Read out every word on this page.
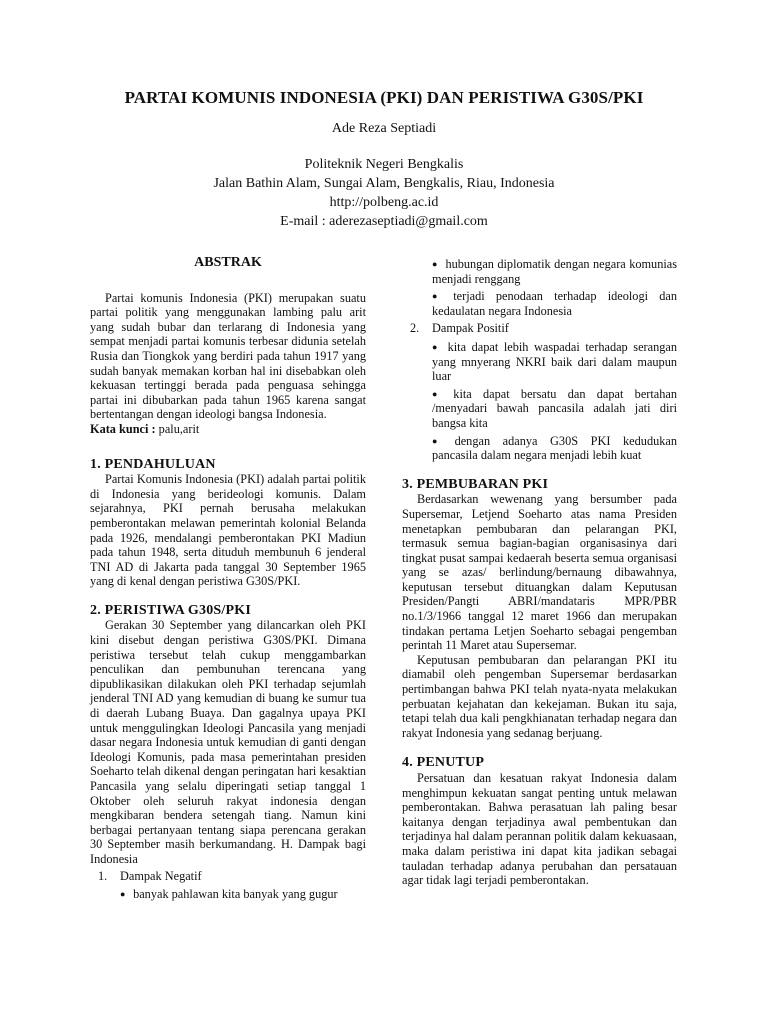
PARTAI KOMUNIS INDONESIA (PKI) DAN PERISTIWA G30S/PKI
Ade Reza Septiadi
Politeknik Negeri Bengkalis
Jalan Bathin Alam, Sungai Alam, Bengkalis, Riau, Indonesia
http://polbeng.ac.id
E-mail : aderezaseptiadi@gmail.com
ABSTRAK

Partai komunis Indonesia (PKI) merupakan suatu partai politik yang menggunakan lambing palu arit yang sudah bubar dan terlarang di Indonesia yang sempat menjadi partai komunis terbesar didunia setelah Rusia dan Tiongkok yang berdiri pada tahun 1917 yang sudah banyak memakan korban hal ini disebabkan oleh kekuasan tertinggi berada pada penguasa sehingga partai ini dibubarkan pada tahun 1965 karena sangat bertentangan dengan ideologi bangsa Indonesia.

Kata kunci : palu,arit

1. PENDAHULUAN

Partai Komunis Indonesia (PKI) adalah partai politik di Indonesia yang berideologi komunis. Dalam sejarahnya, PKI pernah berusaha melakukan pemberontakan melawan pemerintah kolonial Belanda pada 1926, mendalangi pemberontakan PKI Madiun pada tahun 1948, serta dituduh membunuh 6 jenderal TNI AD di Jakarta pada tanggal 30 September 1965 yang di kenal dengan peristiwa G30S/PKI.

2. PERISTIWA G30S/PKI

Gerakan 30 September yang dilancarkan oleh PKI kini disebut dengan peristiwa G30S/PKI. Dimana peristiwa tersebut telah cukup menggambarkan penculikan dan pembunuhan terencana yang dipublikasikan dilakukan oleh PKI terhadap sejumlah jenderal TNI AD yang kemudian di buang ke sumur tua di daerah Lubang Buaya. Dan gagalnya upaya PKI untuk menggulingkan Ideologi Pancasila yang menjadi dasar negara Indonesia untuk kemudian di ganti dengan Ideologi Komunis, pada masa pemerintahan presiden Soeharto telah dikenal dengan peringatan hari kesaktian Pancasila yang selalu diperingati setiap tanggal 1 Oktober oleh seluruh rakyat indonesia dengan mengkibaran bendera setengah tiang. Namun kini berbagai pertanyaan tentang siapa perencana gerakan 30 September masih berkumandang. H. Dampak bagi Indonesia

1. Dampak Negatif
● banyak pahlawan kita banyak yang gugur
● hubungan diplomatik dengan negara komunias menjadi renggang
● terjadi penodaan terhadap ideologi dan kedaulatan negara Indonesia
2. Dampak Positif
● kita dapat lebih waspadai terhadap serangan yang mnyerang NKRI baik dari dalam maupun luar
● kita dapat bersatu dan dapat bertahan /menyadari bawah pancasila adalah jati diri bangsa kita
● dengan adanya G30S PKI kedudukan pancasila dalam negara menjadi lebih kuat
3. PEMBUBARAN PKI

Berdasarkan wewenang yang bersumber pada Supersemar, Letjend Soeharto atas nama Presiden menetapkan pembubaran dan pelarangan PKI, termasuk semua bagian-bagian organisasinya dari tingkat pusat sampai kedaerah beserta semua organisasi yang se azas/ berlindung/bernaung dibawahnya, keputusan tersebut dituangkan dalam Keputusan Presiden/Pangti ABRI/mandataris MPR/PBR no.1/3/1966 tanggal 12 maret 1966 dan merupakan tindakan pertama Letjen Soeharto sebagai pengemban perintah 11 Maret atau Supersemar.

Keputusan pembubaran dan pelarangan PKI itu diamabil oleh pengemban Supersemar berdasarkan pertimbangan bahwa PKI telah nyata-nyata melakukan perbuatan kejahatan dan kekejaman. Bukan itu saja, tetapi telah dua kali pengkhianatan terhadap negara dan rakyat Indonesia yang sedanag berjuang.

4. PENUTUP

Persatuan dan kesatuan rakyat Indonesia dalam menghimpun kekuatan sangat penting untuk melawan pemberontakan. Bahwa perasatuan lah paling besar kaitanya dengan terjadinya awal pembentukan dan terjadinya hal dalam perannan politik dalam kekuasaan, maka dalam peristiwa ini dapat kita jadikan sebagai tauladan terhadap adanya perubahan dan persatauan agar tidak lagi terjadi pemberontakan.
